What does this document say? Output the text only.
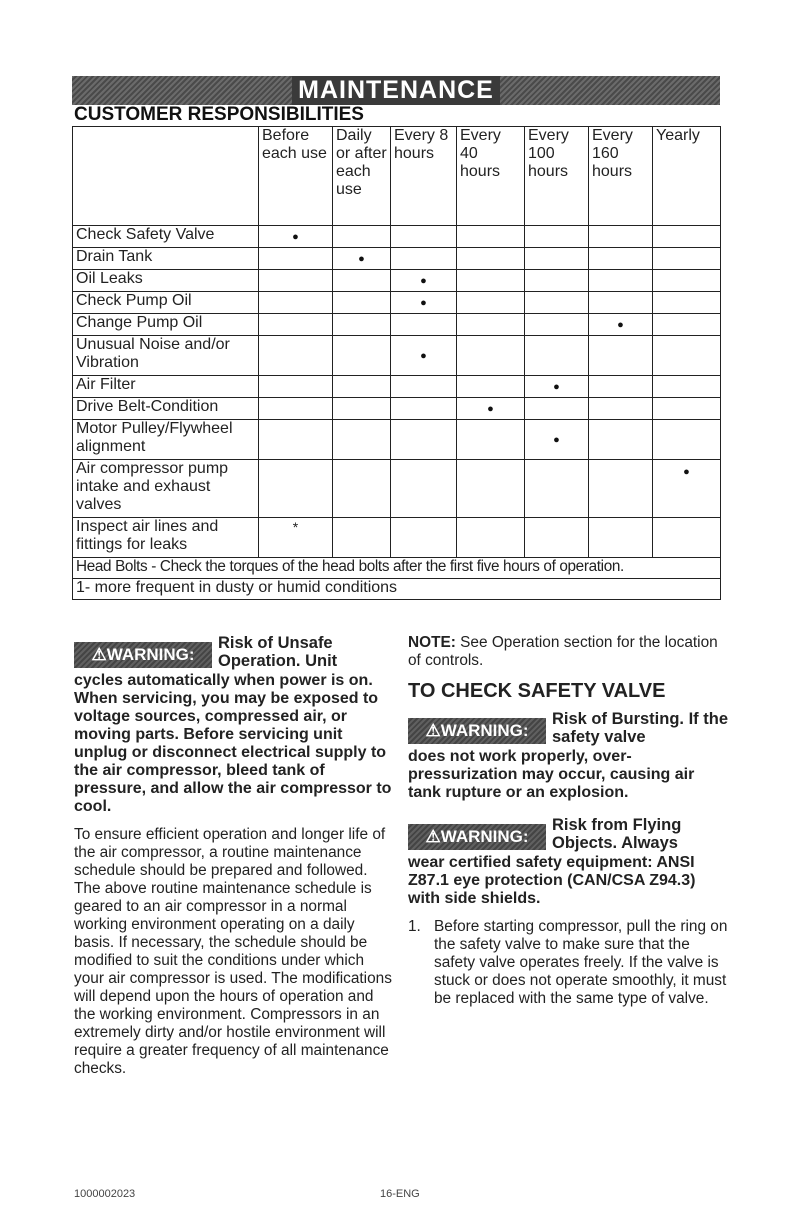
MAINTENANCE
CUSTOMER RESPONSIBILITIES
	Before each use	Daily or after each use	Every 8 hours	Every 40 hours	Every 100 hours	Every 160 hours	Yearly
Check Safety Valve	●						
Drain Tank		●					
Oil Leaks			●				
Check Pump Oil			●				
Change Pump Oil						●	
Unusual Noise and/or Vibration			●				
Air Filter					●		
Drive Belt-Condition				●			
Motor Pulley/Flywheel alignment					●		
Air compressor pump intake and exhaust valves							●
Inspect air lines and fittings for leaks	*						
Head Bolts - Check the torques of the head bolts after the first five hours of operation.							
1- more frequent in dusty or humid conditions							
⚠WARNING:
Risk of Unsafe Operation. Unit
cycles automatically when power is on. When servicing, you may be exposed to voltage sources, compressed air, or moving parts. Before servicing unit unplug or disconnect electrical supply to the air compressor, bleed tank of pressure, and allow the air compressor to cool.
To ensure efficient operation and longer life of the air compressor, a routine maintenance schedule should be prepared and followed. The above routine maintenance schedule is geared to an air compressor in a normal working environment operating on a daily basis. If necessary, the schedule should be modified to suit the conditions under which your air compressor is used. The modifications will depend upon the hours of operation and the working environment. Compressors in an extremely dirty and/or hostile environment will require a greater frequency of all maintenance checks.
NOTE: See Operation section for the location of controls.
TO CHECK SAFETY VALVE
⚠WARNING:
Risk of Bursting. If the safety valve
does not work properly, over-pressurization may occur, causing air tank rupture or an explosion.
⚠WARNING:
Risk from Flying Objects. Always
wear certified safety equipment: ANSI Z87.1 eye protection (CAN/CSA Z94.3) with side shields.
1. Before starting compressor, pull the ring on the safety valve to make sure that the safety valve operates freely. If the valve is stuck or does not operate smoothly, it must be replaced with the same type of valve.
1000002023	16-ENG
